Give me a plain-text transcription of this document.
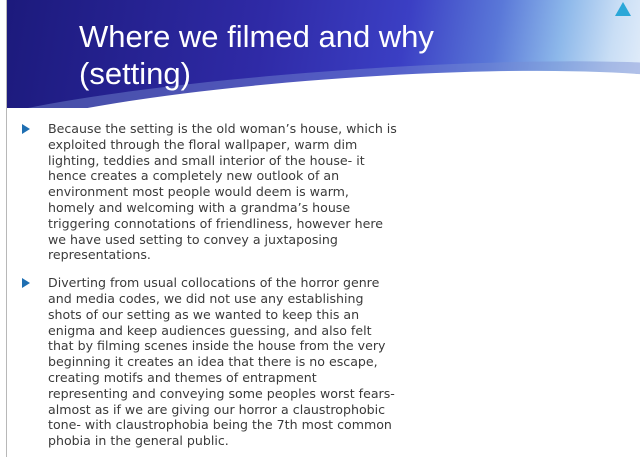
Where we filmed and why
(setting)
Because the setting is the old woman’s house, which is
exploited through the floral wallpaper, warm dim
lighting, teddies and small interior of the house- it
hence creates a completely new outlook of an
environment most people would deem is warm,
homely and welcoming with a grandma’s house
triggering connotations of friendliness, however here
we have used setting to convey a juxtaposing
representations.
Diverting from usual collocations of the horror genre
and media codes, we did not use any establishing
shots of our setting as we wanted to keep this an
enigma and keep audiences guessing, and also felt
that by filming scenes inside the house from the very
beginning it creates an idea that there is no escape,
creating motifs and themes of entrapment
representing and conveying some peoples worst fears-
almost as if we are giving our horror a claustrophobic
tone- with claustrophobia being the 7th most common
phobia in the general public.
